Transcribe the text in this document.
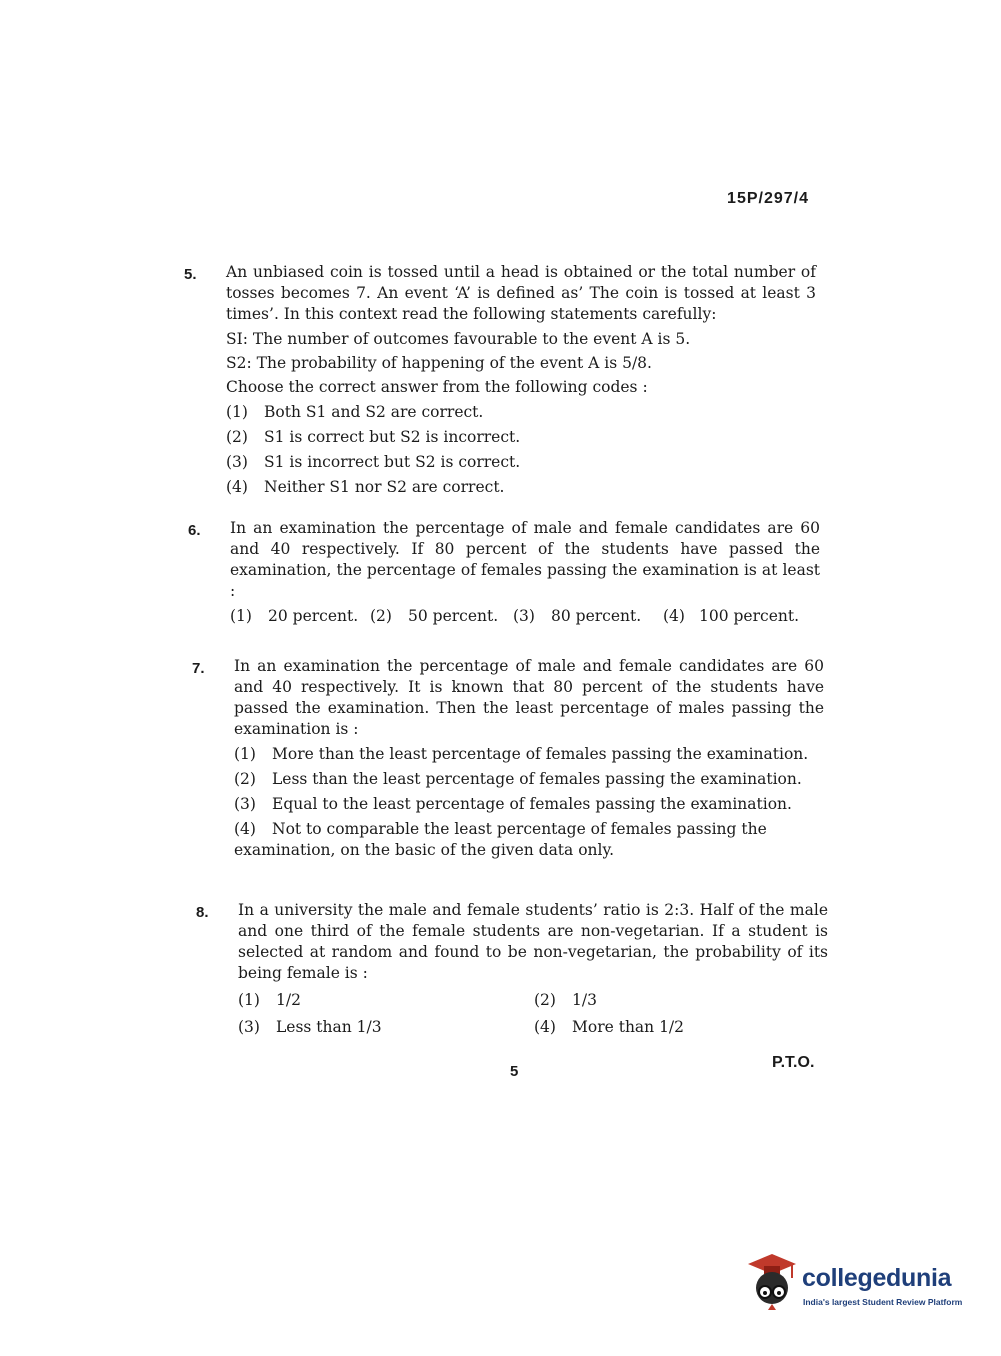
15P/297/4
5. An unbiased coin is tossed until a head is obtained or the total number of tosses becomes 7. An event ‘A’ is defined as’ The coin is tossed at least 3 times’. In this context read the following statements carefully:

SI: The number of outcomes favourable to the event A is 5.

S2: The probability of happening of the event A is 5/8.

Choose the correct answer from the following codes :

(1) Both S1 and S2 are correct.
(2) S1 is correct but S2 is incorrect.
(3) S1 is incorrect but S2 is correct.
(4) Neither S1 nor S2 are correct.
6. In an examination the percentage of male and female candidates are 60 and 40 respectively. If 80 percent of the students have passed the examination, the percentage of females passing the examination is at least :

(1)	20 percent. (2)	50 percent. (3)	80 percent.	(4) 100 percent.
7. In an examination the percentage of male and female candidates are 60 and 40 respectively. It is known that 80 percent of the students have passed the examination. Then the least percentage of males passing the examination is :

(1) More than the least percentage of females passing the examination.
(2) Less than the least percentage of females passing the examination.
(3) Equal to the least percentage of females passing the examination.
(4) Not to comparable the least percentage of females passing the examination, on the basic of the given data only.
8. In a university the male and female students’ ratio is 2:3. Half of the male and one third of the female students are non-vegetarian. If a student is selected at random and found to be non-vegetarian, the probability of its being female is :

(1) 1/2	(2) 1/3
(3) Less than 1/3	(4) More than 1/2
5
P.T.O.
collegedunia
India's largest Student Review Platform
